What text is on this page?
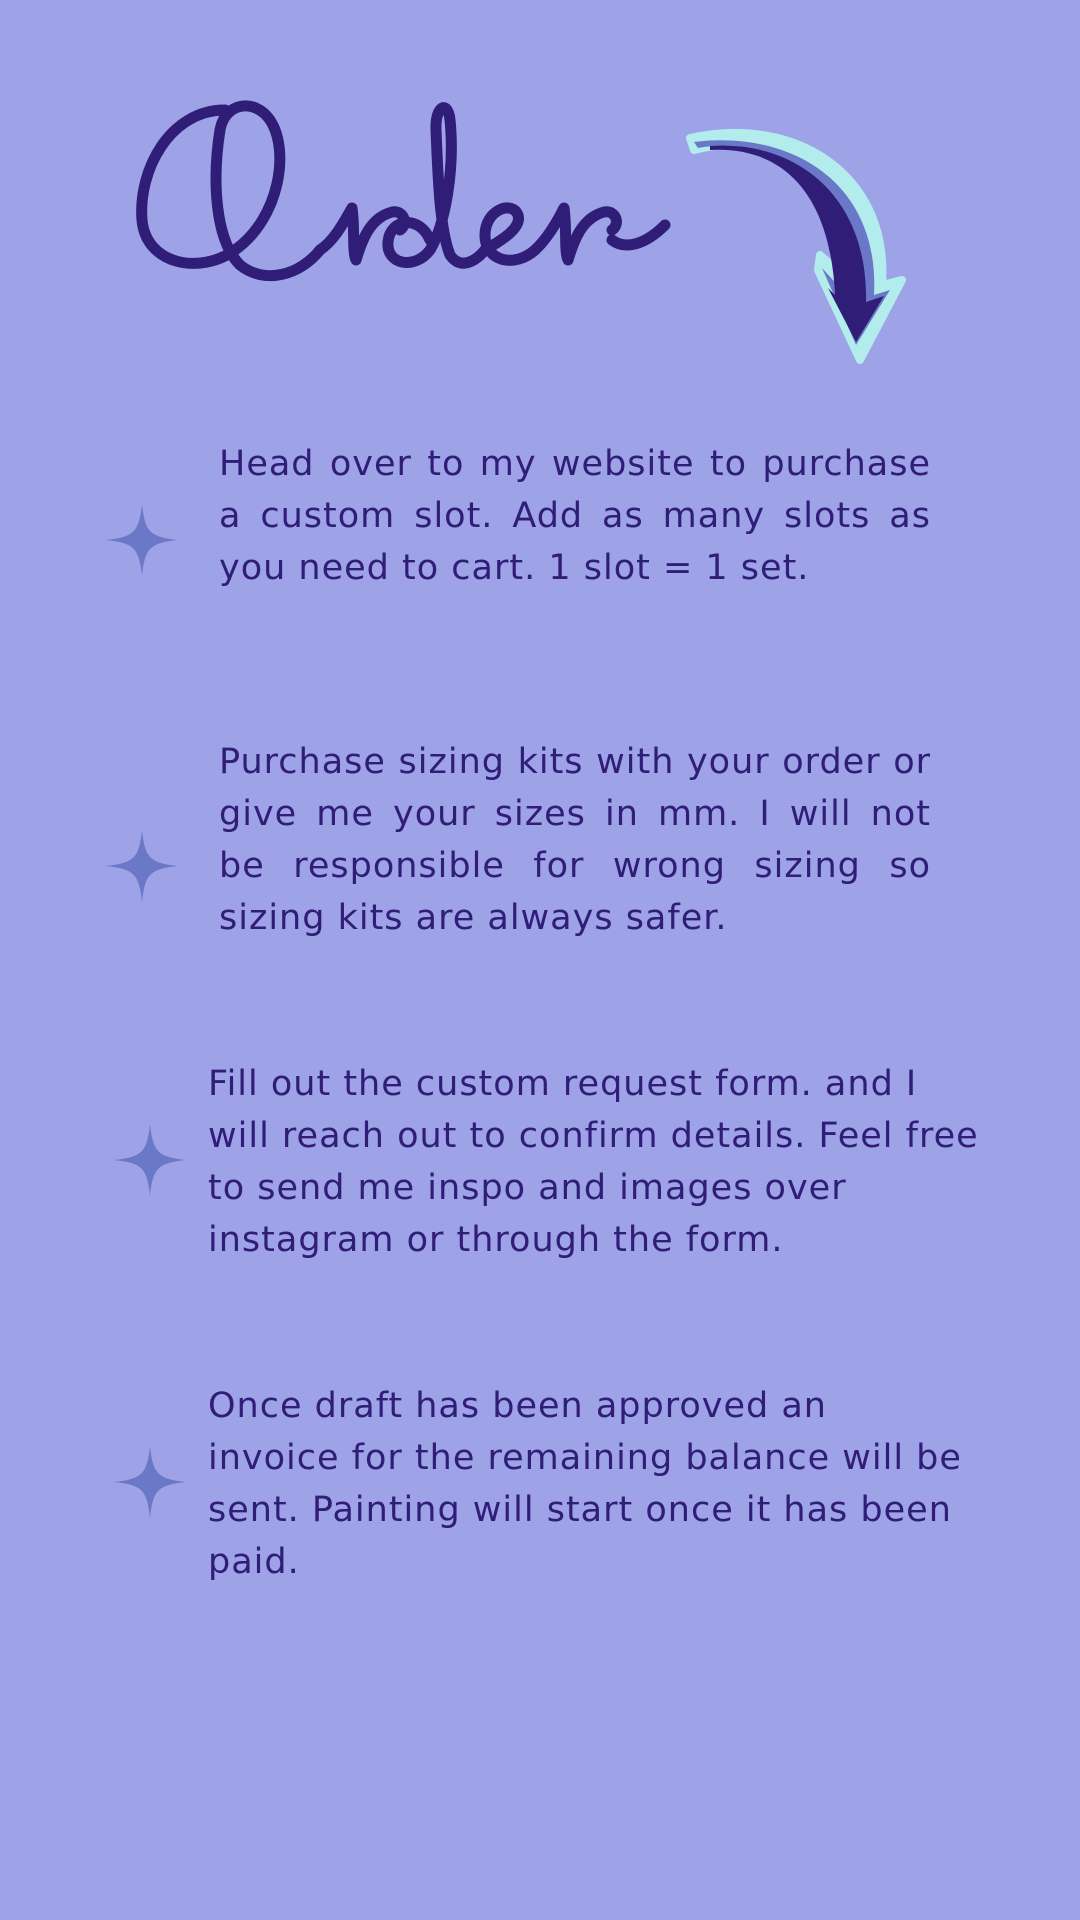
Head over to my website to purchase a custom slot. Add as many slots as you need to cart. 1 slot = 1 set.

Purchase sizing kits with your order or give me your sizes in mm. I will not be responsible for wrong sizing so sizing kits are always safer.

Fill out the custom request form. and I will reach out to confirm details. Feel free to send me inspo and images over instagram or through the form.

Once draft has been approved an invoice for the remaining balance will be sent. Painting will start once it has been paid.
